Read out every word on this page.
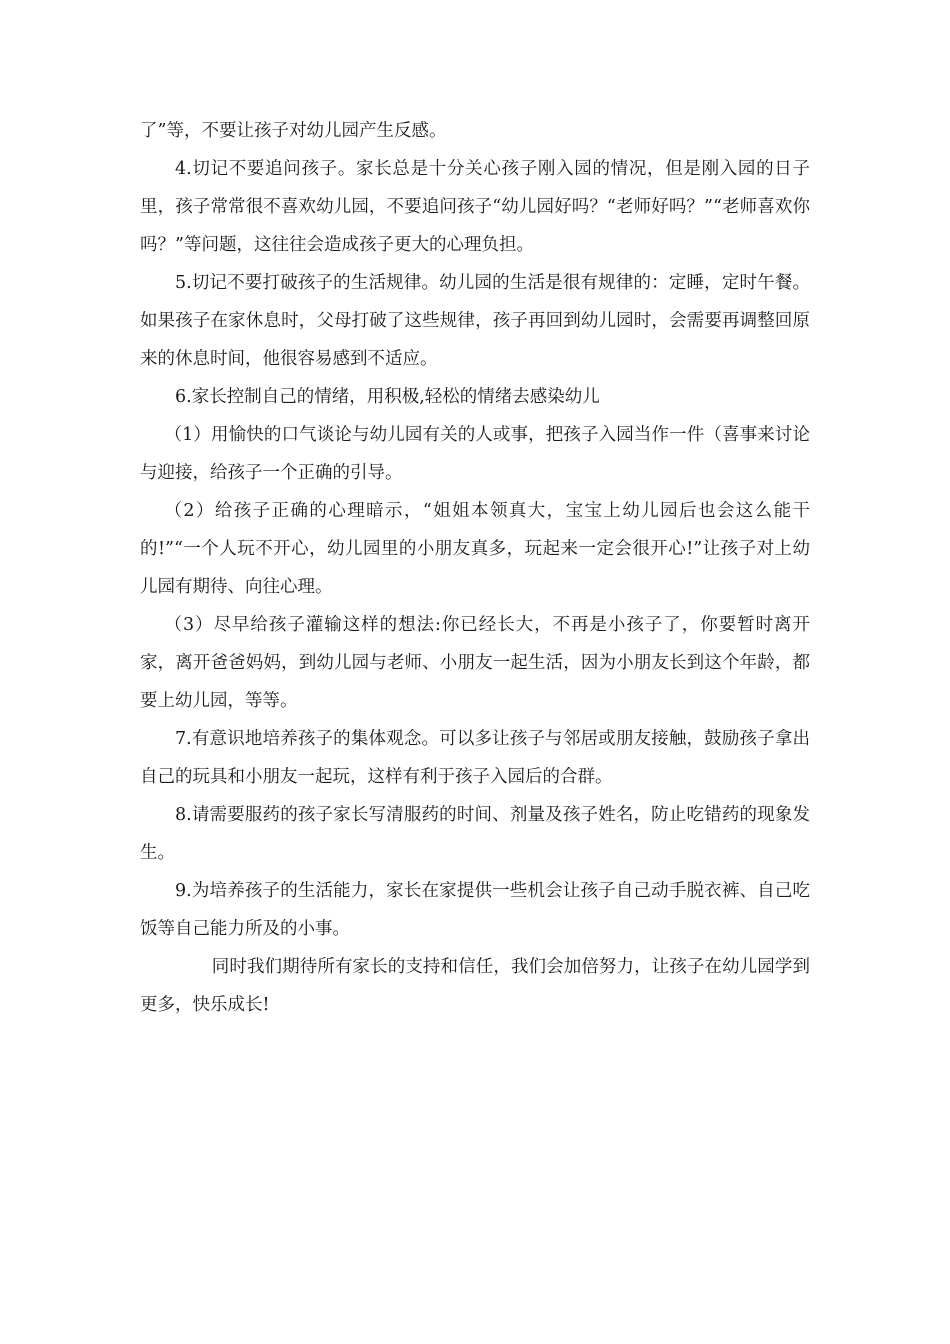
了”等，不要让孩子对幼儿园产生反感。

4.切记不要追问孩子。家长总是十分关心孩子刚入园的情况，但是刚入园的日子里，孩子常常很不喜欢幼儿园，不要追问孩子“幼儿园好吗？“老师好吗？”“老师喜欢你吗？”等问题，这往往会造成孩子更大的心理负担。

5.切记不要打破孩子的生活规律。幼儿园的生活是很有规律的：定睡，定时午餐。如果孩子在家休息时，父母打破了这些规律，孩子再回到幼儿园时，会需要再调整回原来的休息时间，他很容易感到不适应。

6.家长控制自己的情绪，用积极,轻松的情绪去感染幼儿

（1）用愉快的口气谈论与幼儿园有关的人或事，把孩子入园当作一件（喜事来讨论与迎接，给孩子一个正确的引导。

（2）给孩子正确的心理暗示，“姐姐本领真大，宝宝上幼儿园后也会这么能干的!”“一个人玩不开心，幼儿园里的小朋友真多，玩起来一定会很开心!”让孩子对上幼儿园有期待、向往心理。

（3）尽早给孩子灌输这样的想法:你已经长大，不再是小孩子了，你要暂时离开家，离开爸爸妈妈，到幼儿园与老师、小朋友一起生活，因为小朋友长到这个年龄，都要上幼儿园，等等。

7.有意识地培养孩子的集体观念。可以多让孩子与邻居或朋友接触，鼓励孩子拿出自己的玩具和小朋友一起玩，这样有利于孩子入园后的合群。

8.请需要服药的孩子家长写清服药的时间、剂量及孩子姓名，防止吃错药的现象发生。

9.为培养孩子的生活能力，家长在家提供一些机会让孩子自己动手脱衣裤、自己吃饭等自己能力所及的小事。

同时我们期待所有家长的支持和信任，我们会加倍努力，让孩子在幼儿园学到更多，快乐成长!
